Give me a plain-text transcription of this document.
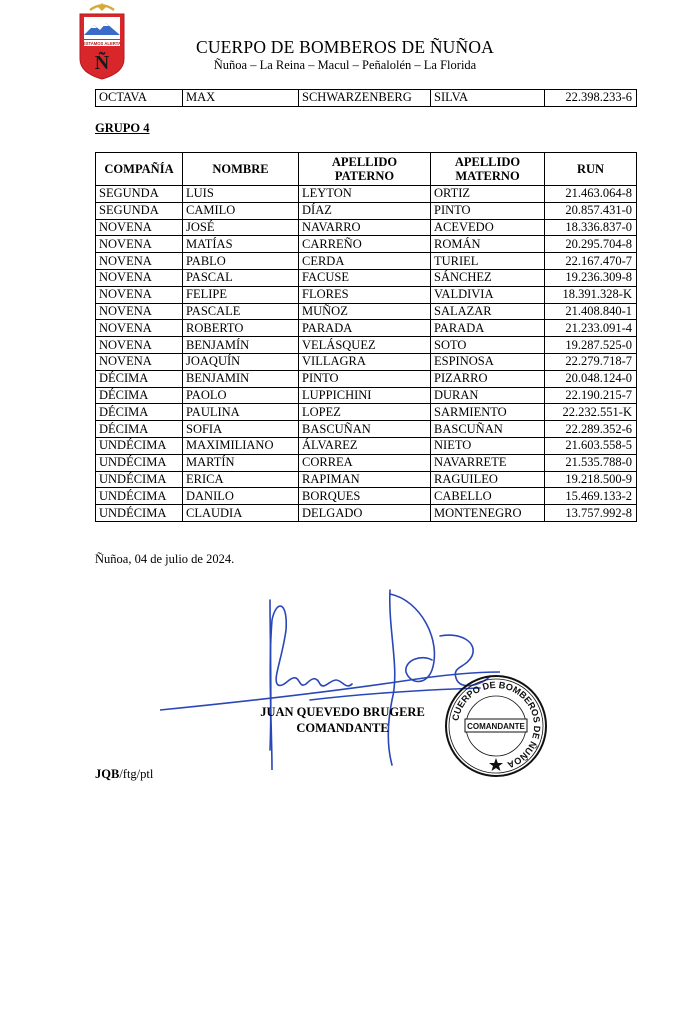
ESTAMOS ALERTA
Ñ
CUERPO DE BOMBEROS DE ÑUÑOA
Ñuñoa – La Reina – Macul – Peñalolén – La Florida
OCTAVA	MAX	SCHWARZENBERG	SILVA	22.398.233-6
GRUPO 4
COMPAÑÍA	NOMBRE	APELLIDO PATERNO	APELLIDO MATERNO	RUN
SEGUNDA	LUIS	LEYTON	ORTIZ	21.463.064-8
SEGUNDA	CAMILO	DÍAZ	PINTO	20.857.431-0
NOVENA	JOSÉ	NAVARRO	ACEVEDO	18.336.837-0
NOVENA	MATÍAS	CARREÑO	ROMÁN	20.295.704-8
NOVENA	PABLO	CERDA	TURIEL	22.167.470-7
NOVENA	PASCAL	FACUSE	SÁNCHEZ	19.236.309-8
NOVENA	FELIPE	FLORES	VALDIVIA	18.391.328-K
NOVENA	PASCALE	MUÑOZ	SALAZAR	21.408.840-1
NOVENA	ROBERTO	PARADA	PARADA	21.233.091-4
NOVENA	BENJAMÍN	VELÁSQUEZ	SOTO	19.287.525-0
NOVENA	JOAQUÍN	VILLAGRA	ESPINOSA	22.279.718-7
DÉCIMA	BENJAMIN	PINTO	PIZARRO	20.048.124-0
DÉCIMA	PAOLO	LUPPICHINI	DURAN	22.190.215-7
DÉCIMA	PAULINA	LOPEZ	SARMIENTO	22.232.551-K
DÉCIMA	SOFIA	BASCUÑAN	BASCUÑAN	22.289.352-6
UNDÉCIMA	MAXIMILIANO	ÁLVAREZ	NIETO	21.603.558-5
UNDÉCIMA	MARTÍN	CORREA	NAVARRETE	21.535.788-0
UNDÉCIMA	ERICA	RAPIMAN	RAGUILEO	19.218.500-9
UNDÉCIMA	DANILO	BORQUES	CABELLO	15.469.133-2
UNDÉCIMA	CLAUDIA	DELGADO	MONTENEGRO	13.757.992-8
Ñuñoa, 04 de julio de 2024.
JUAN QUEVEDO BRUGERE
COMANDANTE
CUERPO DE BOMBEROS DE ÑUÑOA
COMANDANTE
JQB/ftg/ptl
